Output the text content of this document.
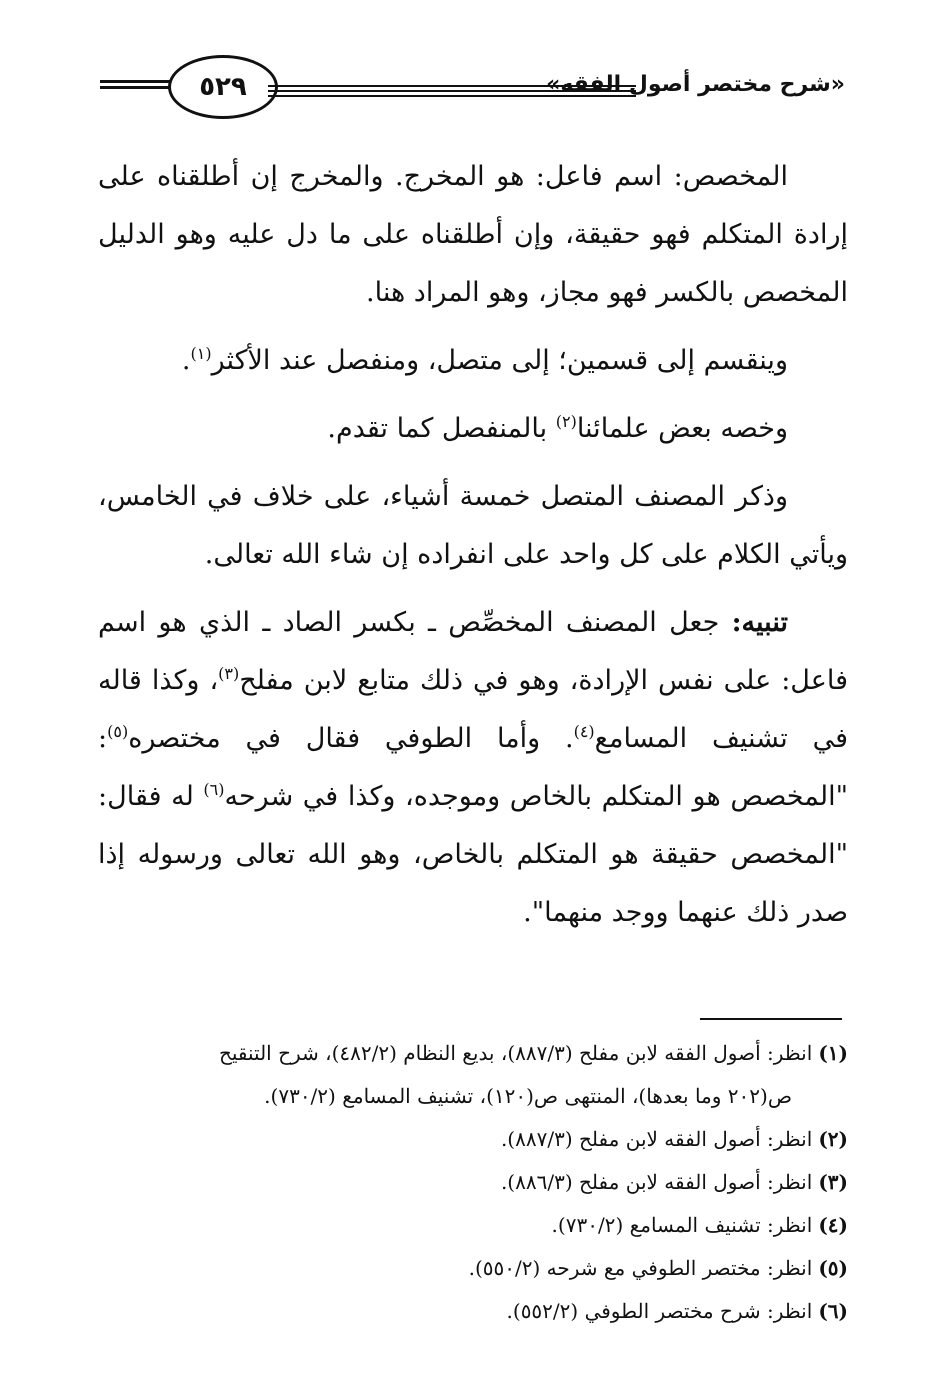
٥٢٩	«شرح مختصر أصول الفقه»

المخصص: اسم فاعل: هو المخرج. والمخرج إن أطلقناه على إرادة المتكلم فهو حقيقة، وإن أطلقناه على ما دل عليه وهو الدليل المخصص بالكسر فهو مجاز، وهو المراد هنا.

وينقسم إلى قسمين؛ إلى متصل، ومنفصل عند الأكثر$^{(١)}$.

وخصه بعض علمائنا$^{(٢)}$ بالمنفصل كما تقدم.

وذكر المصنف المتصل خمسة أشياء، على خلاف في الخامس، ويأتي الكلام على كل واحد على انفراده إن شاء الله تعالى.

تنبيه: جعل المصنف المخصِّص ـ بكسر الصاد ـ الذي هو اسم فاعل: على نفس الإرادة، وهو في ذلك متابع لابن مفلح$^{(٣)}$، وكذا قاله في تشنيف المسامع$^{(٤)}$. وأما الطوفي فقال في مختصره$^{(٥)}$: "المخصص هو المتكلم بالخاص وموجده، وكذا في شرحه$^{(٦)}$ له فقال: "المخصص حقيقة هو المتكلم بالخاص، وهو الله تعالى ورسوله إذا صدر ذلك عنهما ووجد منهما".

(١)انظر: أصول الفقه لابن مفلح (٨٨٧/٣)، بديع النظام (٤٨٢/٢)، شرح التنقيح

ص(٢٠٢ وما بعدها)، المنتهى ص(١٢٠)، تشنيف المسامع (٧٣٠/٢).

(٢)انظر: أصول الفقه لابن مفلح (٨٨٧/٣).

(٣)انظر: أصول الفقه لابن مفلح (٨٨٦/٣).

(٤)انظر: تشنيف المسامع (٧٣٠/٢).

(٥)انظر: مختصر الطوفي مع شرحه (٥٥٠/٢).

(٦)انظر: شرح مختصر الطوفي (٥٥٢/٢).
